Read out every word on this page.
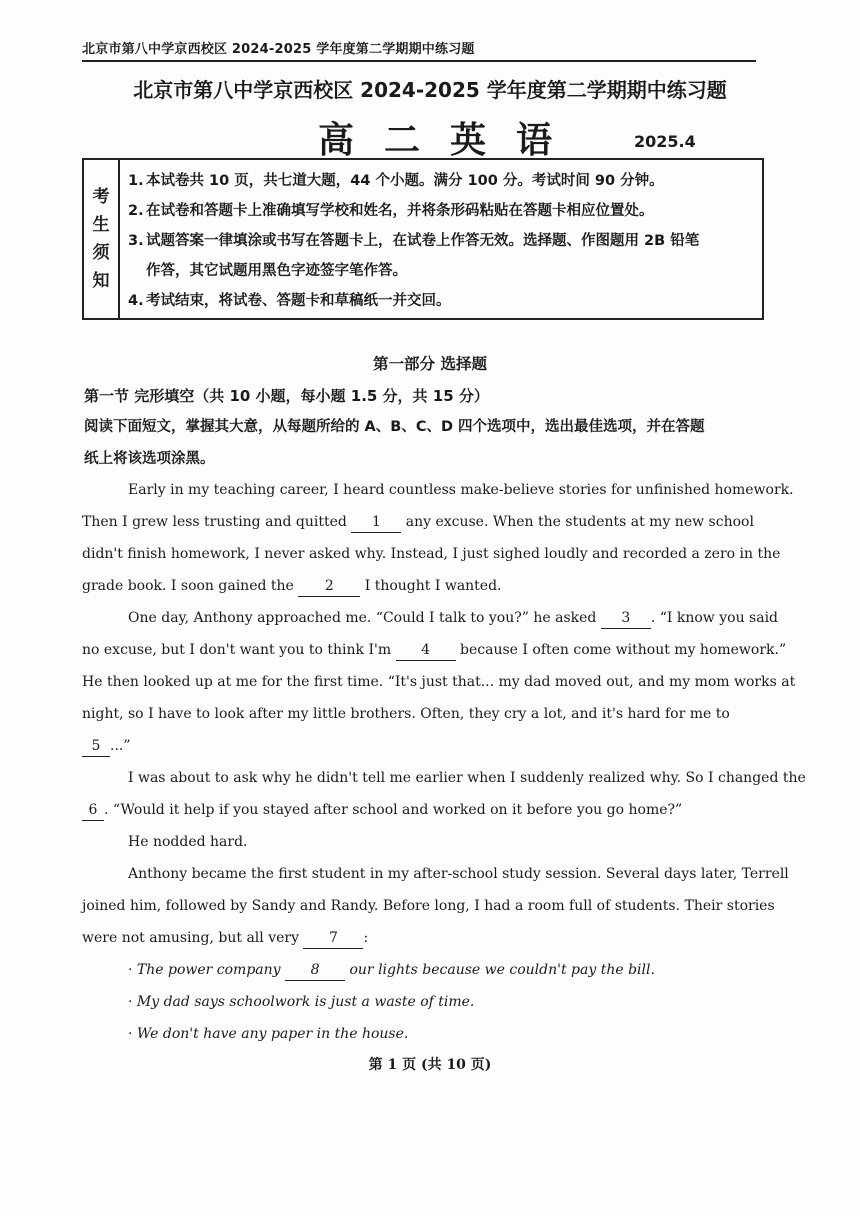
北京市第八中学京西校区 2024-2025 学年度第二学期期中练习题
北京市第八中学京西校区 2024-2025 学年度第二学期期中练习题
高二英语	2025.4
考
生
须
知
1. 本试卷共 10 页，共七道大题，44 个小题。满分 100 分。考试时间 90 分钟。
2. 在试卷和答题卡上准确填写学校和姓名，并将条形码粘贴在答题卡相应位置处。
3. 试题答案一律填涂或书写在答题卡上，在试卷上作答无效。选择题、作图题用 2B 铅笔
作答，其它试题用黑色字迹签字笔作答。
4. 考试结束，将试卷、答题卡和草稿纸一并交回。
第一部分 选择题
第一节 完形填空（共 10 小题，每小题 1.5 分，共 15 分）
阅读下面短文，掌握其大意，从每题所给的 A、B、C、D 四个选项中，选出最佳选项，并在答题
纸上将该选项涂黑。
Early in my teaching career, I heard countless make-believe stories for unfinished homework.
Then I grew less trusting and quitted 1 any excuse. When the students at my new school
didn't finish homework, I never asked why. Instead, I just sighed loudly and recorded a zero in the
grade book. I soon gained the 2 I thought I wanted.
One day, Anthony approached me. “Could I talk to you?” he asked 3 . “I know you said
no excuse, but I don't want you to think I'm 4 because I often come without my homework.”
He then looked up at me for the first time. “It's just that... my dad moved out, and my mom works at
night, so I have to look after my little brothers. Often, they cry a lot, and it's hard for me to
5 ...”
I was about to ask why he didn't tell me earlier when I suddenly realized why. So I changed the
6 . “Would it help if you stayed after school and worked on it before you go home?”
He nodded hard.
Anthony became the first student in my after-school study session. Several days later, Terrell
joined him, followed by Sandy and Randy. Before long, I had a room full of students. Their stories
were not amusing, but all very 7 :
· The power company 8 our lights because we couldn't pay the bill.
· My dad says schoolwork is just a waste of time.
· We don't have any paper in the house.
第 1 页 (共 10 页)
